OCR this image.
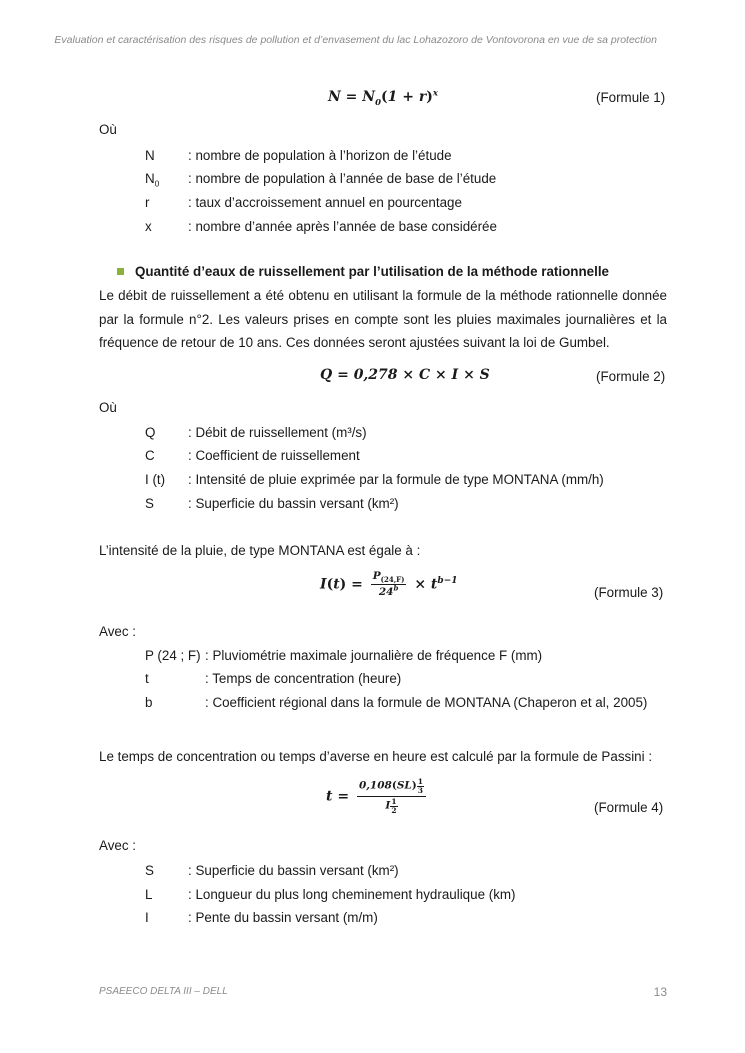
Evaluation et caractérisation des risques de pollution et d’envasement du lac Lohazozoro de Vontovorona en vue de sa protection
$N = N_0(1 + r)^x$	(Formule 1)
Où
N : nombre de population à l’horizon de l’étude
$N_0$ : nombre de population à l’année de base de l’étude
r	: taux d’accroissement annuel en pourcentage
x	: nombre d’année après l’année de base considérée
Quantité d’eaux de ruissellement par l’utilisation de la méthode rationnelle
Le débit de ruissellement a été obtenu en utilisant la formule de la méthode rationnelle donnée par la formule n°2. Les valeurs prises en compte sont les pluies maximales journalières et la fréquence de retour de 10 ans. Ces données seront ajustées suivant la loi de Gumbel.
Q = 0,278 × C × I × S	(Formule 2)
Où
Q : Débit de ruissellement (m³/s)
C : Coefficient de ruissellement
I (t) : Intensité de pluie exprimée par la formule de type MONTANA (mm/h)
S	: Superficie du bassin versant (km²)
L’intensité de la pluie, de type MONTANA est égale à :
$I(t) = \frac{P_{(24,F)}}{24^b} \times t^{b-1}$
(Formule 3)
Avec :
P (24 ; F) : Pluviométrie maximale journalière de fréquence F (mm)
t	: Temps de concentration (heure)
b	: Coefficient régional dans la formule de MONTANA (Chaperon et al, 2005)
Le temps de concentration ou temps d’averse en heure est calculé par la formule de Passini :
$t = \frac{0,108(SL) \frac{1}{3}}{I \frac{1}{2}}$	(Formule 4)
Avec :
S	: Superficie du bassin versant (km²)
L	: Longueur du plus long cheminement hydraulique (km)
I	: Pente du bassin versant (m/m)
PSAEECO DELTA III – DELL	13
